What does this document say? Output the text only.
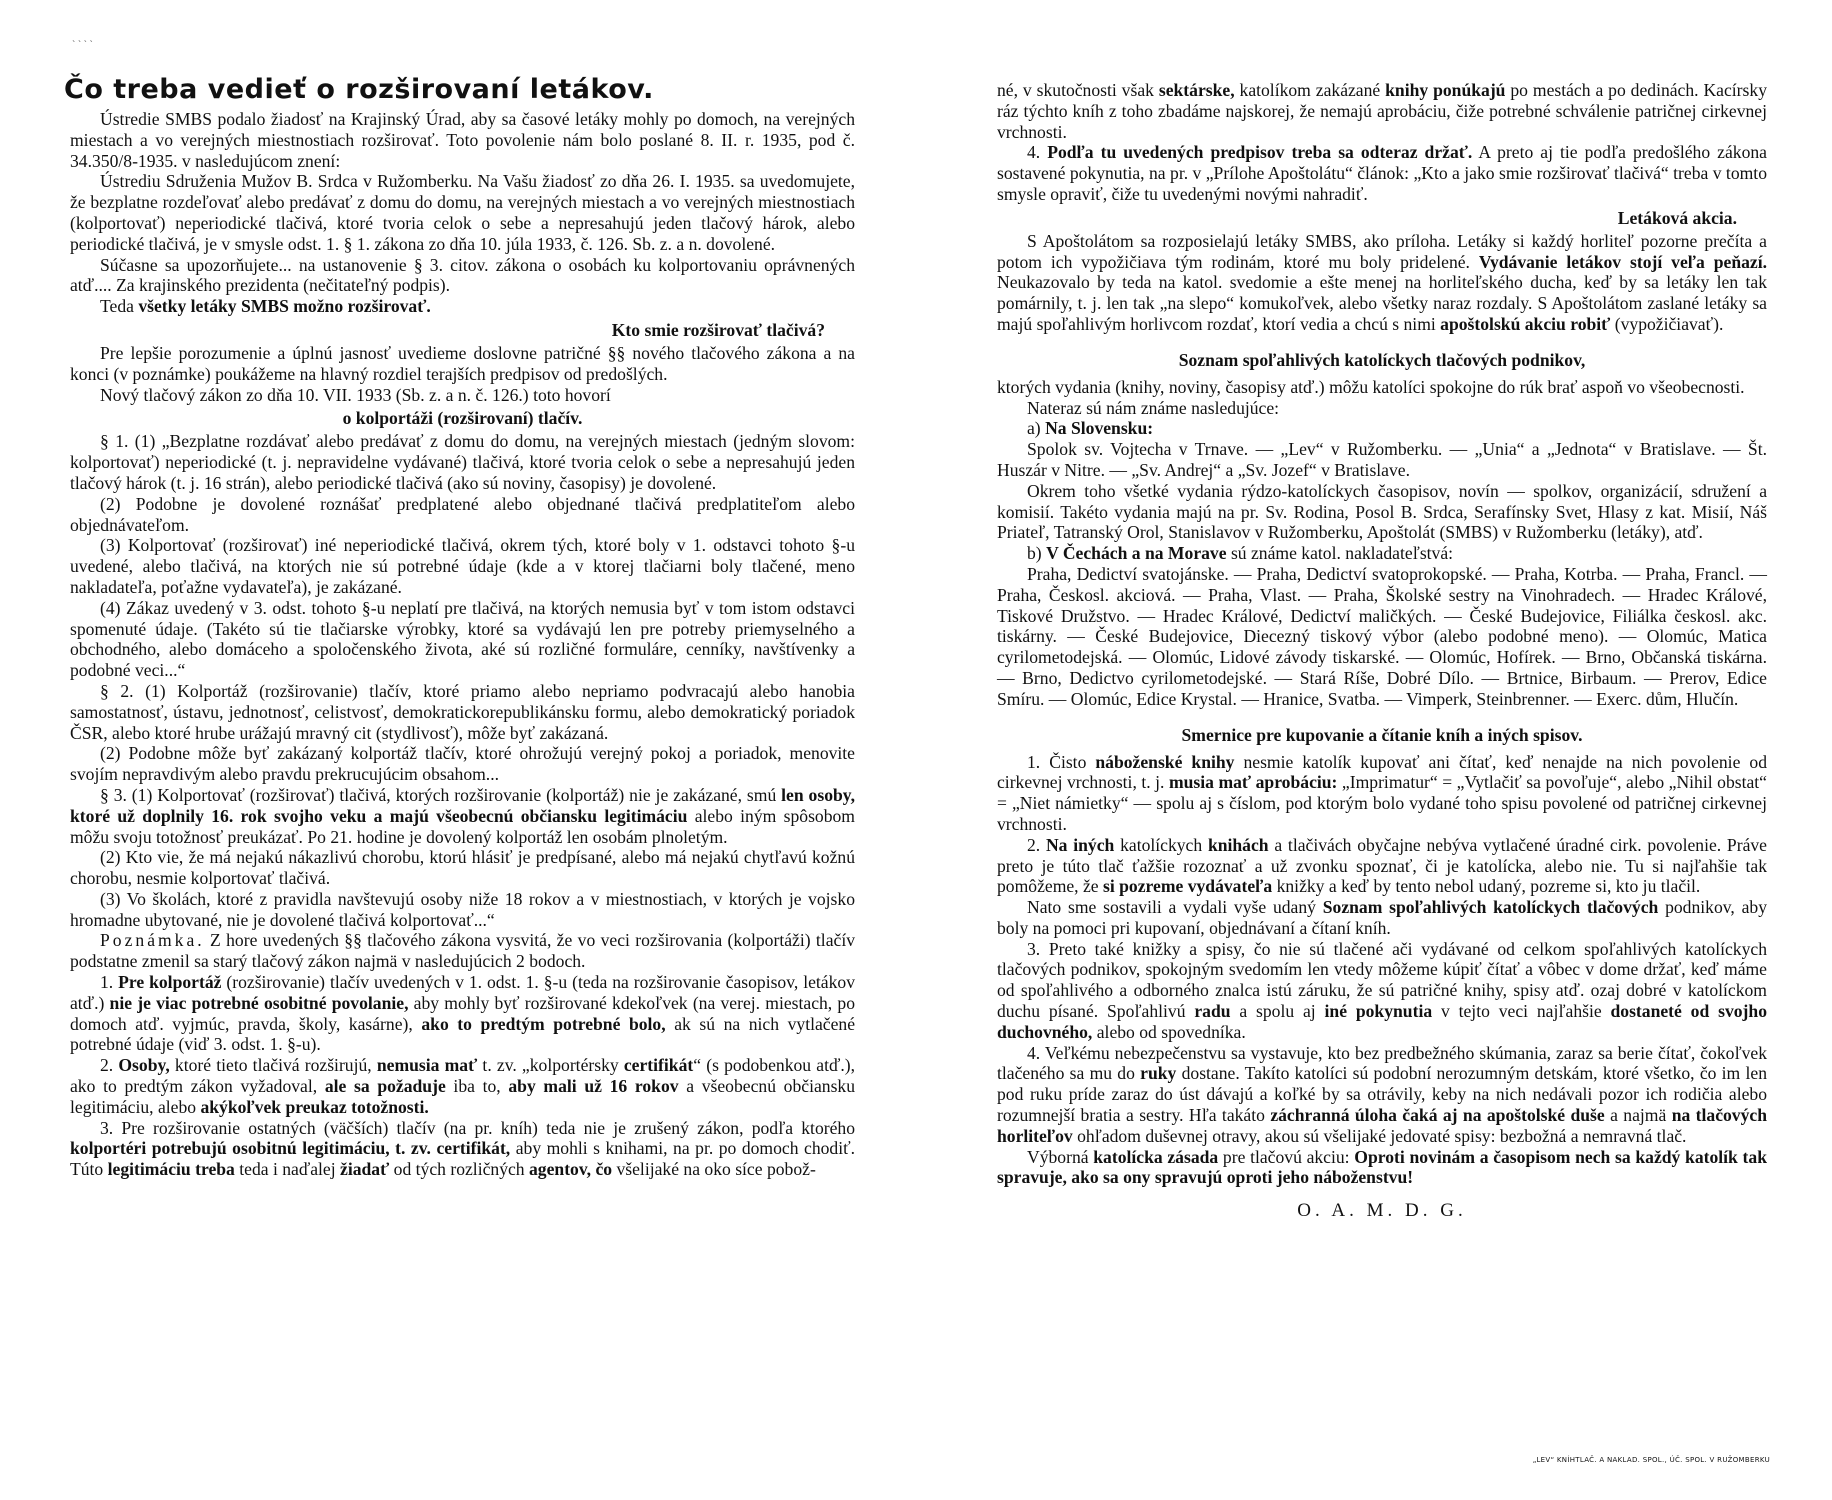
` ` ` `
Čo treba vedieť o rozširovaní letákov.

Ústredie SMBS podalo žiadosť na Krajinský Úrad, aby sa časové letáky mohly po domoch, na verejných miestach a vo verejných miestnostiach rozširovať. Toto povolenie nám bolo poslané 8. II. r. 1935, pod č. 34.350/8-1935. v nasledujúcom znení:

Ústrediu Sdruženia Mužov B. Srdca v Ružomberku. Na Vašu žiadosť zo dňa 26. I. 1935. sa uvedomujete, že bezplatne rozdeľovať alebo predávať z domu do domu, na verejných miestach a vo verejných miestnostiach (kolportovať) neperiodické tlačivá, ktoré tvoria celok o sebe a nepresahujú jeden tlačový hárok, alebo periodické tlačivá, je v smysle odst. 1. § 1. zákona zo dňa 10. júla 1933, č. 126. Sb. z. a n. dovolené.

Súčasne sa upozorňujete... na ustanovenie § 3. citov. zákona o osobách ku kolportovaniu oprávnených atď.... Za krajinského prezidenta (nečitateľný podpis).

Teda všetky letáky SMBS možno rozširovať.

Kto smie rozširovať tlačivá?

Pre lepšie porozumenie a úplnú jasnosť uvedieme doslovne patričné §§ nového tlačového zákona a na konci (v poznámke) poukážeme na hlavný rozdiel terajších predpisov od predošlých.

Nový tlačový zákon zo dňa 10. VII. 1933 (Sb. z. a n. č. 126.) toto hovorí

o kolportáži (rozširovaní) tlačív.

§ 1. (1) „Bezplatne rozdávať alebo predávať z domu do domu, na verejných miestach (jedným slovom: kolportovať) neperiodické (t. j. nepravidelne vydávané) tlačivá, ktoré tvoria celok o sebe a nepresahujú jeden tlačový hárok (t. j. 16 strán), alebo periodické tlačivá (ako sú noviny, časopisy) je dovolené.

(2) Podobne je dovolené roznášať predplatené alebo objednané tlačivá predplatiteľom alebo objednávateľom.

(3) Kolportovať (rozširovať) iné neperiodické tlačivá, okrem tých, ktoré boly v 1. odstavci tohoto §-u uvedené, alebo tlačivá, na ktorých nie sú potrebné údaje (kde a v ktorej tlačiarni boly tlačené, meno nakladateľa, poťažne vydavateľa), je zakázané.

(4) Zákaz uvedený v 3. odst. tohoto §-u neplatí pre tlačivá, na ktorých nemusia byť v tom istom odstavci spomenuté údaje. (Takéto sú tie tlačiarske výrobky, ktoré sa vydávajú len pre potreby priemyselného a obchodného, alebo domáceho a spoločenského života, aké sú rozličné formuláre, cenníky, navštívenky a podobné veci...“

§ 2. (1) Kolportáž (rozširovanie) tlačív, ktoré priamo alebo nepriamo podvracajú alebo hanobia samostatnosť, ústavu, jednotnosť, celistvosť, demokratickorepublikánsku formu, alebo demokratický poriadok ČSR, alebo ktoré hrube urážajú mravný cit (stydlivosť), môže byť zakázaná.

(2) Podobne môže byť zakázaný kolportáž tlačív, ktoré ohrožujú verejný pokoj a poriadok, menovite svojím nepravdivým alebo pravdu prekrucujúcim obsahom...

§ 3. (1) Kolportovať (rozširovať) tlačivá, ktorých rozširovanie (kolportáž) nie je zakázané, smú len osoby, ktoré už doplnily 16. rok svojho veku a majú všeobecnú občiansku legitimáciu alebo iným spôsobom môžu svoju totožnosť preukázať. Po 21. hodine je dovolený kolportáž len osobám plnoletým.

(2) Kto vie, že má nejakú nákazlivú chorobu, ktorú hlásiť je predpísané, alebo má nejakú chytľavú kožnú chorobu, nesmie kolportovať tlačivá.

(3) Vo školách, ktoré z pravidla navštevujú osoby niže 18 rokov a v miestnostiach, v ktorých je vojsko hromadne ubytované, nie je dovolené tlačivá kolportovať...“

Poznámka. Z hore uvedených §§ tlačového zákona vysvitá, že vo veci rozširovania (kolportáži) tlačív podstatne zmenil sa starý tlačový zákon najmä v nasledujúcich 2 bodoch.

1. Pre kolportáž (rozširovanie) tlačív uvedených v 1. odst. 1. §-u (teda na rozširovanie časopisov, letákov atď.) nie je viac potrebné osobitné povolanie, aby mohly byť rozširované kdekoľvek (na verej. miestach, po domoch atď. vyjmúc, pravda, školy, kasárne), ako to predtým potrebné bolo, ak sú na nich vytlačené potrebné údaje (viď 3. odst. 1. §-u).

2. Osoby, ktoré tieto tlačivá rozširujú, nemusia mať t. zv. „kolportérsky certifikát“ (s podobenkou atď.), ako to predtým zákon vyžadoval, ale sa požaduje iba to, aby mali už 16 rokov a všeobecnú občiansku legitimáciu, alebo akýkoľvek preukaz totožnosti.

3. Pre rozširovanie ostatných (väčších) tlačív (na pr. kníh) teda nie je zrušený zákon, podľa ktorého kolportéri potrebujú osobitnú legitimáciu, t. zv. certifikát, aby mohli s knihami, na pr. po domoch chodiť. Túto legitimáciu treba teda i naďalej žiadať od tých rozličných agentov, čo všelijaké na oko síce pobož-

né, v skutočnosti však sektárske, katolíkom zakázané knihy ponúkajú po mestách a po dedinách. Kacírsky ráz týchto kníh z toho zbadáme najskorej, že nemajú aprobáciu, čiže potrebné schválenie patričnej cirkevnej vrchnosti.

4. Podľa tu uvedených predpisov treba sa odteraz držať. A preto aj tie podľa predošlého zákona sostavené pokynutia, na pr. v „Prílohe Apoštolátu“ článok: „Kto a jako smie rozširovať tlačivá“ treba v tomto smysle opraviť, čiže tu uvedenými novými nahradiť.

Letáková akcia.

S Apoštolátom sa rozposielajú letáky SMBS, ako príloha. Letáky si každý horliteľ pozorne prečíta a potom ich vypožičiava tým rodinám, ktoré mu boly pridelené. Vydávanie letákov stojí veľa peňazí. Neukazovalo by teda na katol. svedomie a ešte menej na horliteľského ducha, keď by sa letáky len tak pomárnily, t. j. len tak „na slepo“ komukoľvek, alebo všetky naraz rozdaly. S Apoštolátom zaslané letáky sa majú spoľahlivým horlivcom rozdať, ktorí vedia a chcú s nimi apoštolskú akciu robiť (vypožičiavať).

Soznam spoľahlivých katolíckych tlačových podnikov,

ktorých vydania (knihy, noviny, časopisy atď.) môžu katolíci spokojne do rúk brať aspoň vo všeobecnosti.

Nateraz sú nám známe nasledujúce:

a) Na Slovensku:

Spolok sv. Vojtecha v Trnave. — „Lev“ v Ružomberku. — „Unia“ a „Jednota“ v Bratislave. — Št. Huszár v Nitre. — „Sv. Andrej“ a „Sv. Jozef“ v Bratislave.

Okrem toho všetké vydania rýdzo-katolíckych časopisov, novín — spolkov, organizácií, sdružení a komisií. Takéto vydania majú na pr. Sv. Rodina, Posol B. Srdca, Serafínsky Svet, Hlasy z kat. Misií, Náš Priateľ, Tatranský Orol, Stanislavov v Ružomberku, Apoštolát (SMBS) v Ružomberku (letáky), atď.

b) V Čechách a na Morave sú známe katol. nakladateľstvá:

Praha, Dedictví svatojánske. — Praha, Dedictví svatoprokopské. — Praha, Kotrba. — Praha, Francl. — Praha, Českosl. akciová. — Praha, Vlast. — Praha, Školské sestry na Vinohradech. — Hradec Králové, Tiskové Družstvo. — Hradec Králové, Dedictví maličkých. — České Budejovice, Filiálka českosl. akc. tiskárny. — České Budejovice, Diecezný tiskový výbor (alebo podobné meno). — Olomúc, Matica cyrilometodejská. — Olomúc, Lidové závody tiskarské. — Olomúc, Hofírek. — Brno, Občanská tiskárna. — Brno, Dedictvo cyrilometodejské. — Stará Ríše, Dobré Dílo. — Brtnice, Birbaum. — Prerov, Edice Smíru. — Olomúc, Edice Krystal. — Hranice, Svatba. — Vimperk, Steinbrenner. — Exerc. dům, Hlučín.

Smernice pre kupovanie a čítanie kníh a iných spisov.

1. Čisto náboženské knihy nesmie katolík kupovať ani čítať, keď nenajde na nich povolenie od cirkevnej vrchnosti, t. j. musia mať aprobáciu: „Imprimatur“ = „Vytlačiť sa povoľuje“, alebo „Nihil obstat“ = „Niet námietky“ — spolu aj s číslom, pod ktorým bolo vydané toho spisu povolené od patričnej cirkevnej vrchnosti.

2. Na iných katolíckych knihách a tlačivách obyčajne nebýva vytlačené úradné cirk. povolenie. Práve preto je túto tlač ťažšie rozoznať a už zvonku spoznať, či je katolícka, alebo nie. Tu si najľahšie tak pomôžeme, že si pozreme vydávateľa knižky a keď by tento nebol udaný, pozreme si, kto ju tlačil.

Nato sme sostavili a vydali vyše udaný Soznam spoľahlivých katolíckych tlačových podnikov, aby boly na pomoci pri kupovaní, objednávaní a čítaní kníh.

3. Preto také knižky a spisy, čo nie sú tlačené ači vydávané od celkom spoľahlivých katolíckych tlačových podnikov, spokojným svedomím len vtedy môžeme kúpiť čítať a vôbec v dome držať, keď máme od spoľahlivého a odborného znalca istú záruku, že sú patričné knihy, spisy atď. ozaj dobré v katolíckom duchu písané. Spoľahlivú radu a spolu aj iné pokynutia v tejto veci najľahšie dostaneté od svojho duchovného, alebo od spovedníka.

4. Veľkému nebezpečenstvu sa vystavuje, kto bez predbežného skúmania, zaraz sa berie čítať, čokoľvek tlačeného sa mu do ruky dostane. Takíto katolíci sú podobní nerozumným detskám, ktoré všetko, čo im len pod ruku príde zaraz do úst dávajú a koľké by sa otrávily, keby na nich nedávali pozor ich rodičia alebo rozumnejší bratia a sestry. Hľa takáto záchranná úloha čaká aj na apoštolské duše a najmä na tlačových horliteľov ohľadom duševnej otravy, akou sú všelijaké jedovaté spisy: bezbožná a nemravná tlač.

Výborná katolícka zásada pre tlačovú akciu: Oproti novinám a časopisom nech sa každý katolík tak spravuje, ako sa ony spravujú oproti jeho náboženstvu!

O. A. M. D. G.
„LEV“ KNÍHTLAČ. A NAKLAD. SPOL., ÚČ. SPOL. V RUŽOMBERKU
